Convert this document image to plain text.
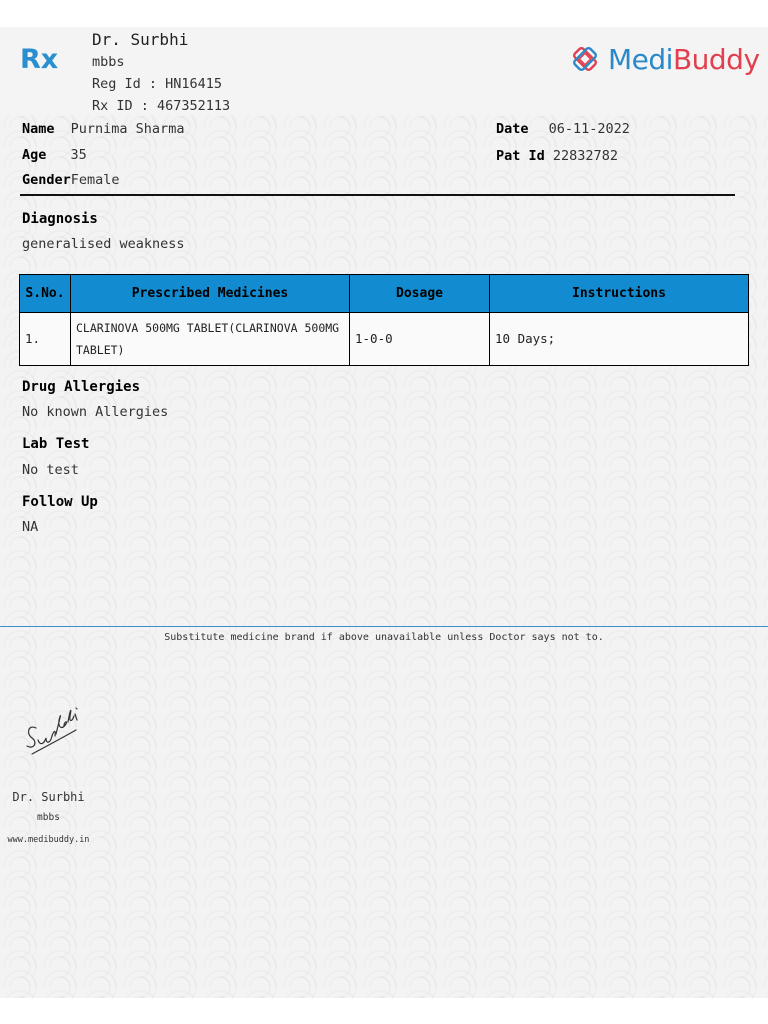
Rx
Dr. Surbhi
mbbs
Reg Id : HN16415
Rx ID : 467352113
MediBuddy
Name Purnima Sharma
Age 35
GenderFemale
Date 06-11-2022
Pat Id 22832782
Diagnosis
generalised weakness
S.No.	Prescribed Medicines	Dosage	Instructions
1.	CLARINOVA 500MG TABLET(CLARINOVA 500MG TABLET)	1-0-0	10 Days;
Drug Allergies
No known Allergies
Lab Test
No test
Follow Up
NA
Substitute medicine brand if above unavailable unless Doctor says not to.
Dr. Surbhi
mbbs
www.medibuddy.in
